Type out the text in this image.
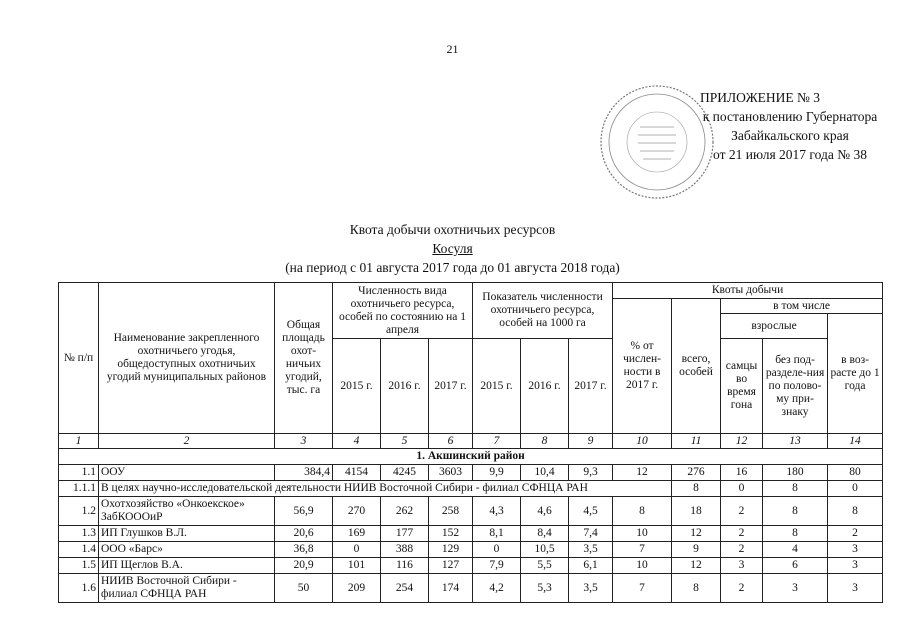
21
ПРИЛОЖЕНИЕ № 3
к постановлению Губернатора
Забайкальского края
от 21 июля 2017 года № 38
Квота добычи охотничьих ресурсов
Косуля
(на период с 01 августа 2017 года до 01 августа 2018 года)
№ п/п	Наименование закрепленного охотничьего угодья, общедоступных охотничьих угодий муниципальных районов	Общая площадь охот-ничьих угодий, тыс. га	Численность вида охотничьего ресурса, особей по состоянию на 1 апреля			Показатель численности охотничьего ресурса, особей на 1000 га			Квоты добычи				
									% от числен-ности в 2017 г.	всего, особей	в том числе		
											взрослые		в воз-расте до 1 года
			2015 г.	2016 г.	2017 г.	2015 г.	2016 г.	2017 г.			самцы во время гона	без под-разделе-ния по полово-му при-знаку	
1	2	3	4	5	6	7	8	9	10	11	12	13	14
1. Акшинский район													
1.1	ООУ	384,4	4154	4245	3603	9,9	10,4	9,3	12	276	16	180	80
1.1.1	В целях научно-исследовательской деятельности НИИВ Восточной Сибири - филиал СФНЦА РАН									8	0	8	0
1.2	Охотхозяйство «Онкоекское» ЗабКОООиР	56,9	270	262	258	4,3	4,6	4,5	8	18	2	8	8
1.3	ИП Глушков В.Л.	20,6	169	177	152	8,1	8,4	7,4	10	12	2	8	2
1.4	ООО «Барс»	36,8	0	388	129	0	10,5	3,5	7	9	2	4	3
1.5	ИП Щеглов В.А.	20,9	101	116	127	7,9	5,5	6,1	10	12	3	6	3
1.6	НИИВ Восточной Сибири - филиал СФНЦА РАН	50	209	254	174	4,2	5,3	3,5	7	8	2	3	3
